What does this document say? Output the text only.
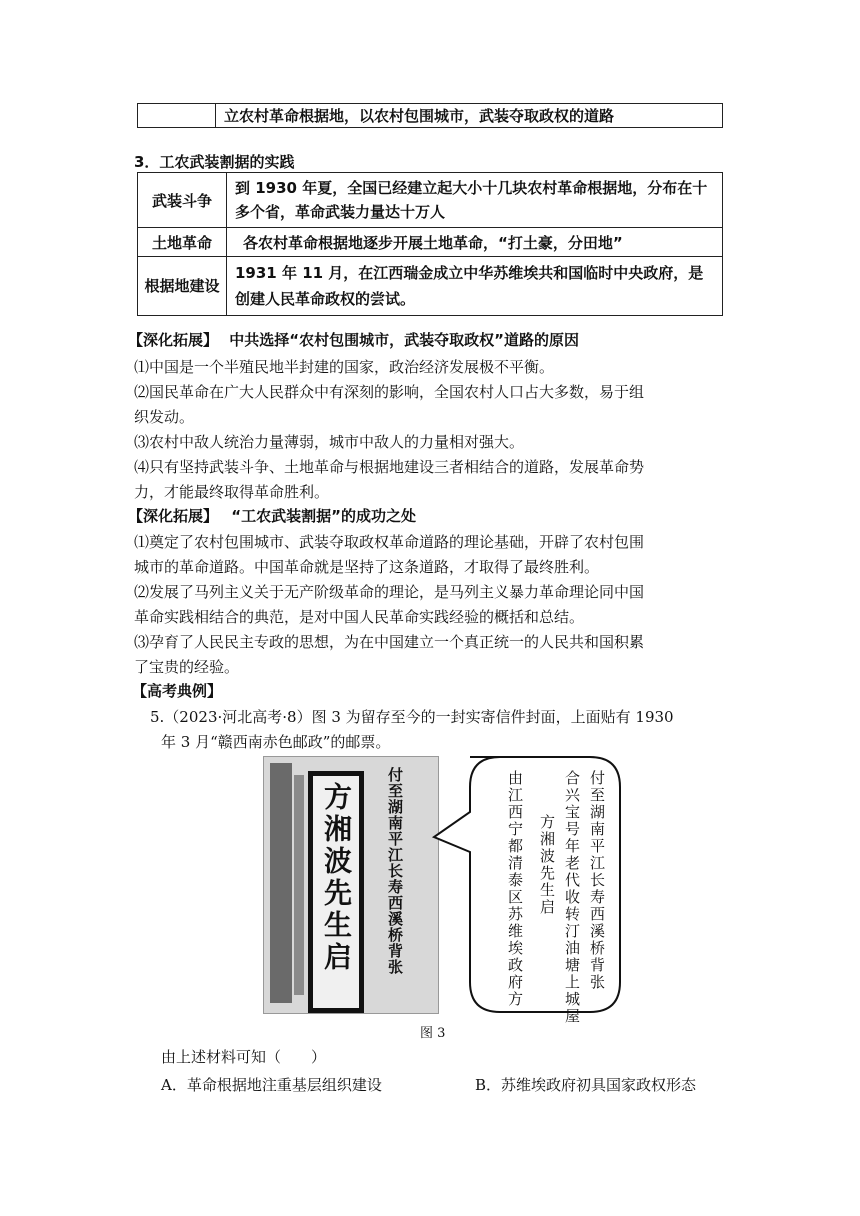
	立农村革命根据地，以农村包围城市，武装夺取政权的道路
3．工农武装割据的实践
武装斗争	到 1930 年夏，全国已经建立起大小十几块农村革命根据地，分布在十多个省，革命武装力量达十万人
土地革命	各农村革命根据地逐步开展土地革命，“打土豪，分田地”
根据地建设	1931 年 11 月，在江西瑞金成立中华苏维埃共和国临时中央政府，是创建人民革命政权的尝试。
【深化拓展】 中共选择“农村包围城市，武装夺取政权”道路的原因
⑴中国是一个半殖民地半封建的国家，政治经济发展极不平衡。
⑵国民革命在广大人民群众中有深刻的影响，全国农村人口占大多数，易于组
织发动。
⑶农村中敌人统治力量薄弱，城市中敌人的力量相对强大。
⑷只有坚持武装斗争、土地革命与根据地建设三者相结合的道路，发展革命势
力，才能最终取得革命胜利。
【深化拓展】 “工农武装割据”的成功之处
⑴奠定了农村包围城市、武装夺取政权革命道路的理论基础，开辟了农村包围
城市的革命道路。中国革命就是坚持了这条道路，才取得了最终胜利。
⑵发展了马列主义关于无产阶级革命的理论，是马列主义暴力革命理论同中国
革命实践相结合的典范，是对中国人民革命实践经验的概括和总结。
⑶孕育了人民民主专政的思想，为在中国建立一个真正统一的人民共和国积累
了宝贵的经验。
【高考典例】
5.（2023·河北高考·8）图 3 为留存至今的一封实寄信件封面，上面贴有 1930
年 3 月“赣西南赤色邮政”的邮票。
方湘波先生启 付至湖南平江长寿西溪桥背张	付至湖南平江长寿西溪桥背张
合兴宝号年老代收转汀油塘上城屋
方湘波先生启
由江西宁都清泰区苏维埃政府方
图 3
由上述材料可知（　　）
A．革命根据地注重基层组织建设	B．苏维埃政府初具国家政权形态
